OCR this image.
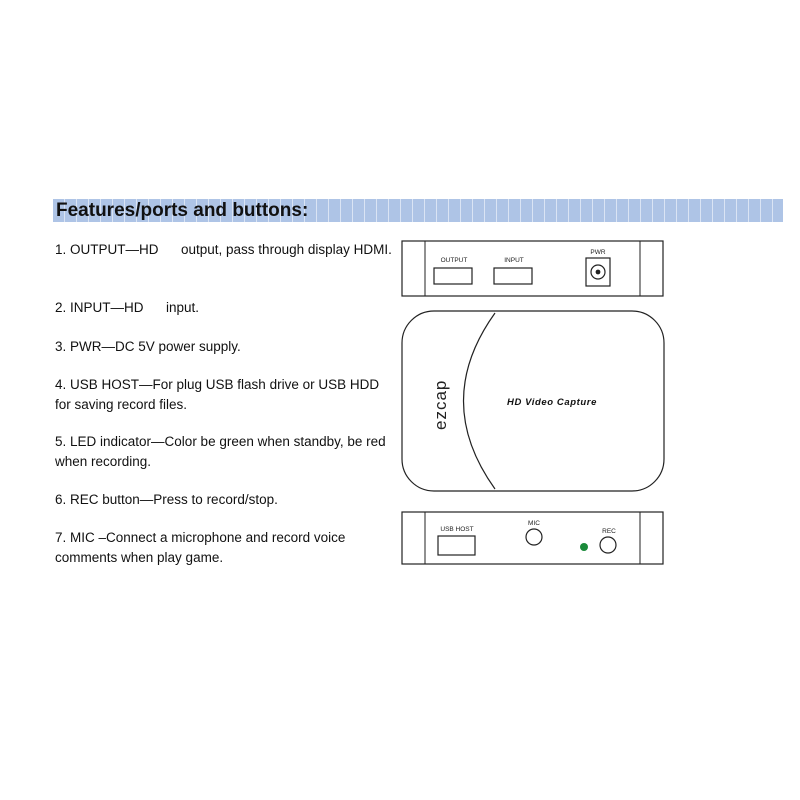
Features/ports and buttons:
1. OUTPUT—HD      output, pass through display HDMI.
2. INPUT—HD      input.
3. PWR—DC 5V power supply.
4. USB HOST—For plug USB flash drive or USB HDD for saving record files.
5. LED indicator—Color be green when standby, be red when recording.
6. REC button—Press to record/stop.
7. MIC –Connect a microphone and record voice comments when play game.
OUTPUT	INPUT
PWR
ezcap	HD Video Capture
USB HOST
MIC
REC
